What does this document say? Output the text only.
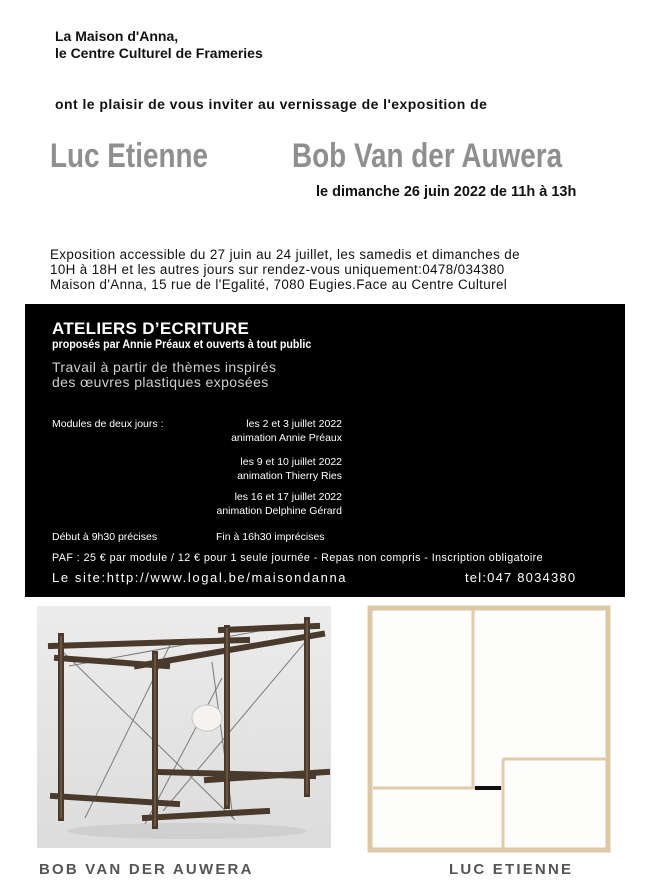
La Maison d'Anna,
le Centre Culturel de Frameries
ont le plaisir de vous inviter au vernissage de l'exposition de
Luc Etienne Bob Van der Auwera
le dimanche 26 juin 2022 de 11h à 13h
Exposition accessible du 27 juin au 24 juillet, les samedis et dimanches de
10H à 18H et les autres jours sur rendez-vous uniquement:0478/034380
Maison d'Anna, 15 rue de l'Egalité, 7080 Eugies.Face au Centre Culturel
ATELIERS D’ECRITURE
proposés par Annie Préaux et ouverts à tout public
Travail à partir de thèmes inspirés
des œuvres plastiques exposées
Modules de deux jours :	les 2 et 3 juillet 2022
animation Annie Préaux
les 9 et 10 juillet 2022
animation Thierry Ries
les 16 et 17 juillet 2022
animation Delphine Gérard
Début à 9h30 précises	Fin à 16h30 imprécises
PAF : 25 € par module / 12 € pour 1 seule journée - Repas non compris - Inscription obligatoire
Le site:http://www.logal.be/maisondanna	tel:047 8034380
BOB VAN DER AUWERA	LUC ETIENNE
